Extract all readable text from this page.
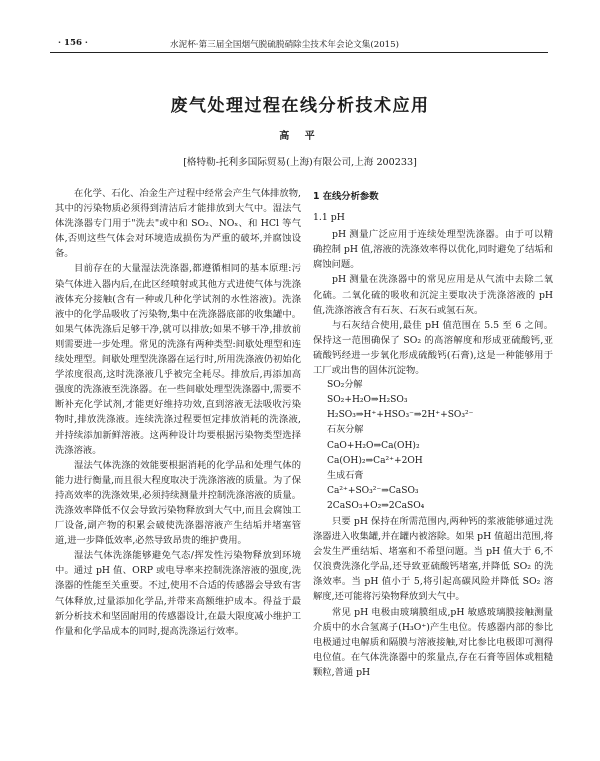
· 156 ·	水泥杯·第三届全国烟气脱硫脱硝除尘技术年会论文集(2015)
废气处理过程在线分析技术应用
高 平
[格特勒-托利多国际贸易(上海)有限公司,上海 200233]

在化学、石化、冶金生产过程中经常会产生气体排放物,其中的污染物质必须得到清洁后才能排放到大气中。湿法气体洗涤器专门用于"洗去"或中和 SO₂、NOₓ、和 HCl 等气体,否则这些气体会对环境造成损伤为严重的破坏,并腐蚀设备。

目前存在的大量湿法洗涤器,都遵循相同的基本原理:污染气体进入器内后,在此区经喷射或其他方式进使气体与洗涤液体充分接触(含有一种或几种化学试剂的水性溶液)。洗涤液中的化学品吸收了污染物,集中在洗涤器底部的收集罐中。如果气体洗涤后足够干净,就可以排放;如果不够干净,排放前则需要进一步处理。常见的洗涤有两种类型:间歇处理型和连续处理型。间歇处理型洗涤器在运行时,所用洗涤液仍初始化学浓度很高,这时洗涤液几乎被完全耗尽。排放后,再添加高强度的洗涤液至洗涤器。在一些间歇处理型洗涤器中,需要不断补充化学试剂,才能更好维持功效,直到溶液无法吸收污染物时,排放洗涤液。连续洗涤过程要恒定排放消耗的洗涤液,并持续添加新鲜溶液。这两种设计均要根据污染物类型选择洗涤溶液。

湿法气体洗涤的效能要根据消耗的化学品和处理气体的能力进行衡量,而且很大程度取决于洗涤溶液的质量。为了保持高效率的洗涤效果,必须持续测量并控制洗涤溶液的质量。洗涤效率降低不仅会导致污染物释放到大气中,而且会腐蚀工厂设备,副产物的积累会破使洗涤器溶液产生结垢并堵塞管道,进一步降低效率,必然导致昂贵的维护费用。

湿法气体洗涤能够避免气态/挥发性污染物释放到环境中。通过 pH 值、ORP 或电导率来控制洗涤溶液的强度,洗涤器的性能至关重要。不过,使用不合适的传感器会导致有害气体释放,过量添加化学品,并带来高额维护成本。得益于最新分析技术和坚固耐用的传感器设计,在最大限度减小维护工作量和化学品成本的同时,提高洗涤运行效率。

1 在线分析参数
1.1 pH

pH 测量广泛应用于连续处理型洗涤器。由于可以精确控制 pH 值,溶液的洗涤效率得以优化,同时避免了结垢和腐蚀问题。

pH 测量在洗涤器中的常见应用是从气流中去除二氧化硫。二氧化硫的吸收和沉淀主要取决于洗涤溶液的 pH 值,洗涤溶液含有石灰、石灰石或氢石灰。

与石灰结合使用,最佳 pH 值范围在 5.5 至 6 之间。保持这一范围确保了 SO₂ 的高溶解度和形成亚硫酸钙,亚硫酸钙经进一步氧化形成硫酸钙(石膏),这是一种能够用于工厂或出售的固体沉淀物。

SO₂分解
SO₂+H₂O⇒H₂SO₃
H₂SO₃⇒H⁺+HSO₃⁻⇒2H⁺+SO₃²⁻
石灰分解
CaO+H₂O⇒Ca(OH)₂
Ca(OH)₂⇒Ca²⁺+2OH
生成石膏
Ca²⁺+SO₃²⁻⇒CaSO₃
2CaSO₃+O₂⇒2CaSO₄

只要 pH 保持在所需范围内,两种钙的浆液能够通过洗涤器进入收集罐,并在罐内被溶除。如果 pH 值超出范围,将会发生严重结垢、堵塞和不希望问题。当 pH 值大于 6,不仅浪费洗涤化学品,还导致亚硫酸钙堵塞,并降低 SO₂ 的洗涤效率。当 pH 值小于 5,将引起高碳风险并降低 SO₂ 溶解度,还可能将污染物释放到大气中。

常见 pH 电极由玻璃膜组成,pH 敏感玻璃膜接触测量介质中的水合氢离子(H₃O⁺)产生电位。传感器内部的参比电极通过电解质和隔膜与溶液接触,对比参比电极即可测得电位值。在气体洗涤器中的浆量点,存在石膏等固体或粗糙颗粒,普通 pH
